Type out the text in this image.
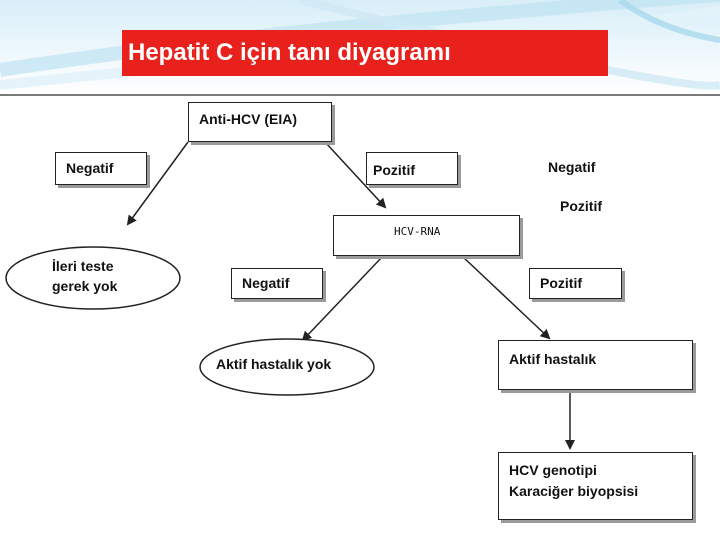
Hepatit C için tanı diyagramı
Anti-HCV (EIA)
Negatif	Pozitif	Negatif
Pozitif
HCV-RNA
İleri teste
gerek yok	Negatif	Pozitif
Aktif hastalık yok	Aktif hastalık
HCV genotipi
Karaciğer biyopsisi
